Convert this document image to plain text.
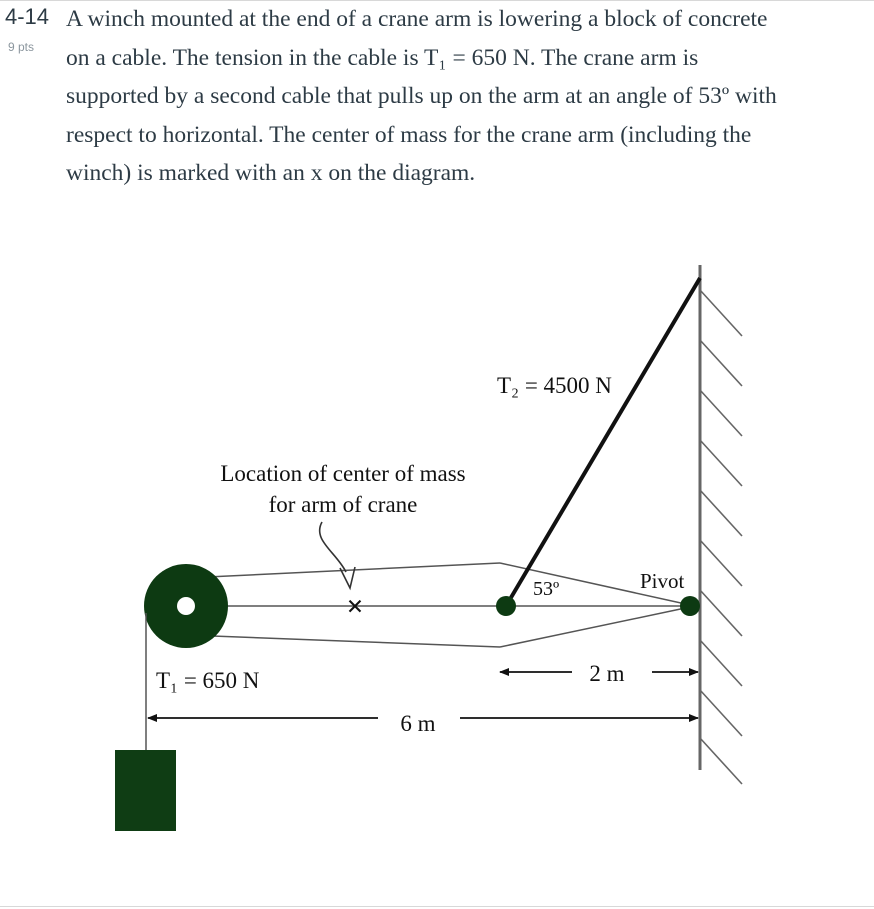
4-14
9 pts
A winch mounted at the end of a crane arm is lowering a block of concrete
on a cable. The tension in the cable is T₁ = 650 N. The crane arm is
supported by a second cable that pulls up on the arm at an angle of 53º with
respect to horizontal. The center of mass for the crane arm (including the
winch) is marked with an x on the diagram.
×
T₂ = 4500 N
Location of center of mass
for arm of crane
53º	Pivot
T₁ = 650 N	2 m
6 m
